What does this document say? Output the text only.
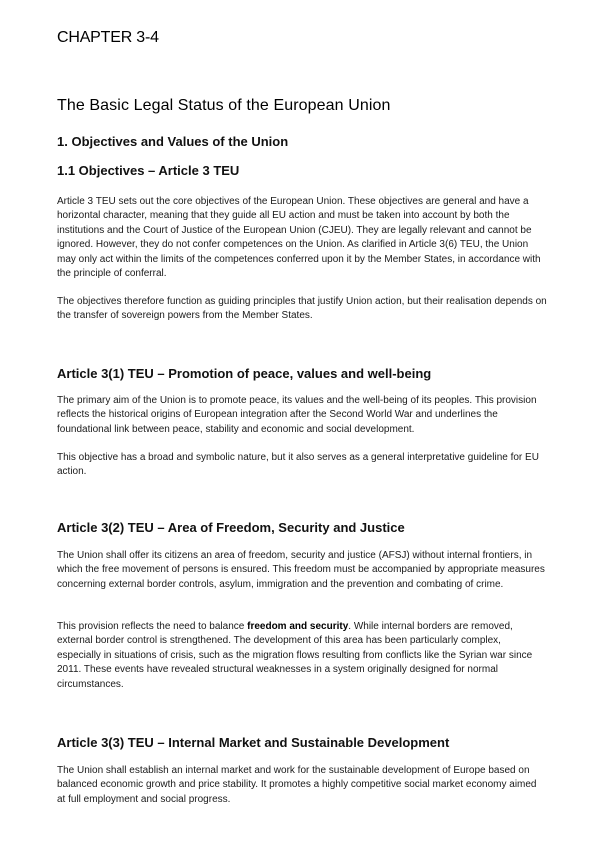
CHAPTER 3-4
The Basic Legal Status of the European Union
1. Objectives and Values of the Union
1.1 Objectives – Article 3 TEU

Article 3 TEU sets out the core objectives of the European Union. These objectives are general and have a horizontal character, meaning that they guide all EU action and must be taken into account by both the institutions and the Court of Justice of the European Union (CJEU). They are legally relevant and cannot be ignored. However, they do not confer competences on the Union. As clarified in Article 3(6) TEU, the Union may only act within the limits of the competences conferred upon it by the Member States, in accordance with the principle of conferral.

The objectives therefore function as guiding principles that justify Union action, but their realisation depends on the transfer of sovereign powers from the Member States.

Article 3(1) TEU – Promotion of peace, values and well-being

The primary aim of the Union is to promote peace, its values and the well-being of its peoples. This provision reflects the historical origins of European integration after the Second World War and underlines the foundational link between peace, stability and economic and social development.

This objective has a broad and symbolic nature, but it also serves as a general interpretative guideline for EU action.

Article 3(2) TEU – Area of Freedom, Security and Justice

The Union shall offer its citizens an area of freedom, security and justice (AFSJ) without internal frontiers, in which the free movement of persons is ensured. This freedom must be accompanied by appropriate measures concerning external border controls, asylum, immigration and the prevention and combating of crime.

This provision reflects the need to balance freedom and security. While internal borders are removed, external border control is strengthened. The development of this area has been particularly complex, especially in situations of crisis, such as the migration flows resulting from conflicts like the Syrian war since 2011. These events have revealed structural weaknesses in a system originally designed for normal circumstances.

Article 3(3) TEU – Internal Market and Sustainable Development

The Union shall establish an internal market and work for the sustainable development of Europe based on balanced economic growth and price stability. It promotes a highly competitive social market economy aimed at full employment and social progress.
